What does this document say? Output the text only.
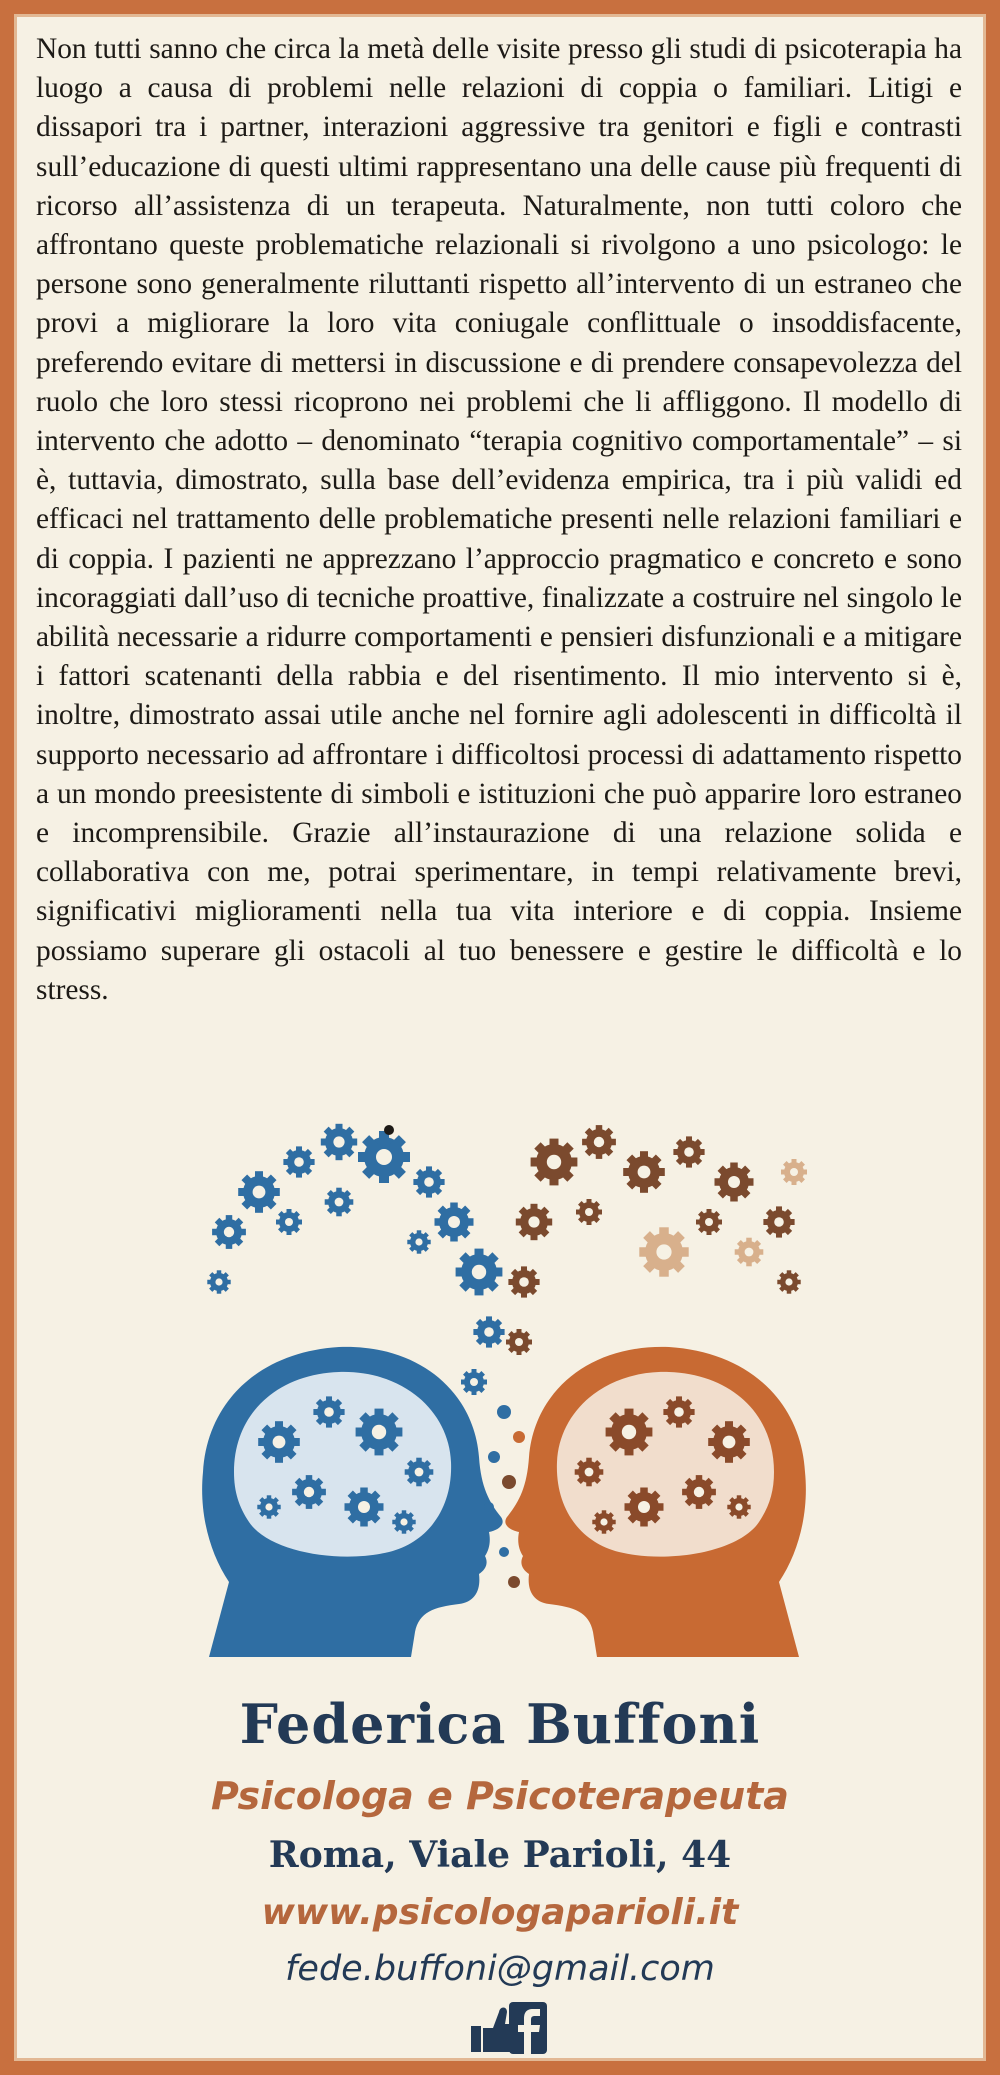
Non tutti sanno che circa la metà delle visite presso gli studi di psicoterapia ha luogo a causa di problemi nelle relazioni di coppia o familiari. Litigi e dissapori tra i partner, interazioni aggressive tra genitori e figli e contrasti sull’educazione di questi ultimi rappresentano una delle cause più frequenti di ricorso all’assistenza di un terapeuta. Naturalmente, non tutti coloro che affrontano queste problematiche relazionali si rivolgono a uno psicologo: le persone sono generalmente riluttanti rispetto all’intervento di un estraneo che provi a migliorare la loro vita coniugale conflittuale o insoddisfacente, preferendo evitare di mettersi in discussione e di prendere consapevolezza del ruolo che loro stessi ricoprono nei problemi che li affliggono. Il modello di intervento che adotto – denominato “terapia cognitivo comportamentale” – si è, tuttavia, dimostrato, sulla base dell’evidenza empirica, tra i più validi ed efficaci nel trattamento delle problematiche presenti nelle relazioni familiari e di coppia. I pazienti ne apprezzano l’approccio pragmatico e concreto e sono incoraggiati dall’uso di tecniche proattive, finalizzate a costruire nel singolo le abilità necessarie a ridurre comportamenti e pensieri disfunzionali e a mitigare i fattori scatenanti della rabbia e del risentimento. Il mio intervento si è, inoltre, dimostrato assai utile anche nel fornire agli adolescenti in difficoltà il supporto necessario ad affrontare i difficoltosi processi di adattamento rispetto a un mondo preesistente di simboli e istituzioni che può apparire loro estraneo e incomprensibile. Grazie all’instaurazione di una relazione solida e collaborativa con me, potrai sperimentare, in tempi relativamente brevi, significativi miglioramenti nella tua vita interiore e di coppia. Insieme possiamo superare gli ostacoli al tuo benessere e gestire le difficoltà e lo stress.
Federica Buffoni
Psicologa e Psicoterapeuta
Roma, Viale Parioli, 44
www.psicologaparioli.it
fede.buffoni@gmail.com
